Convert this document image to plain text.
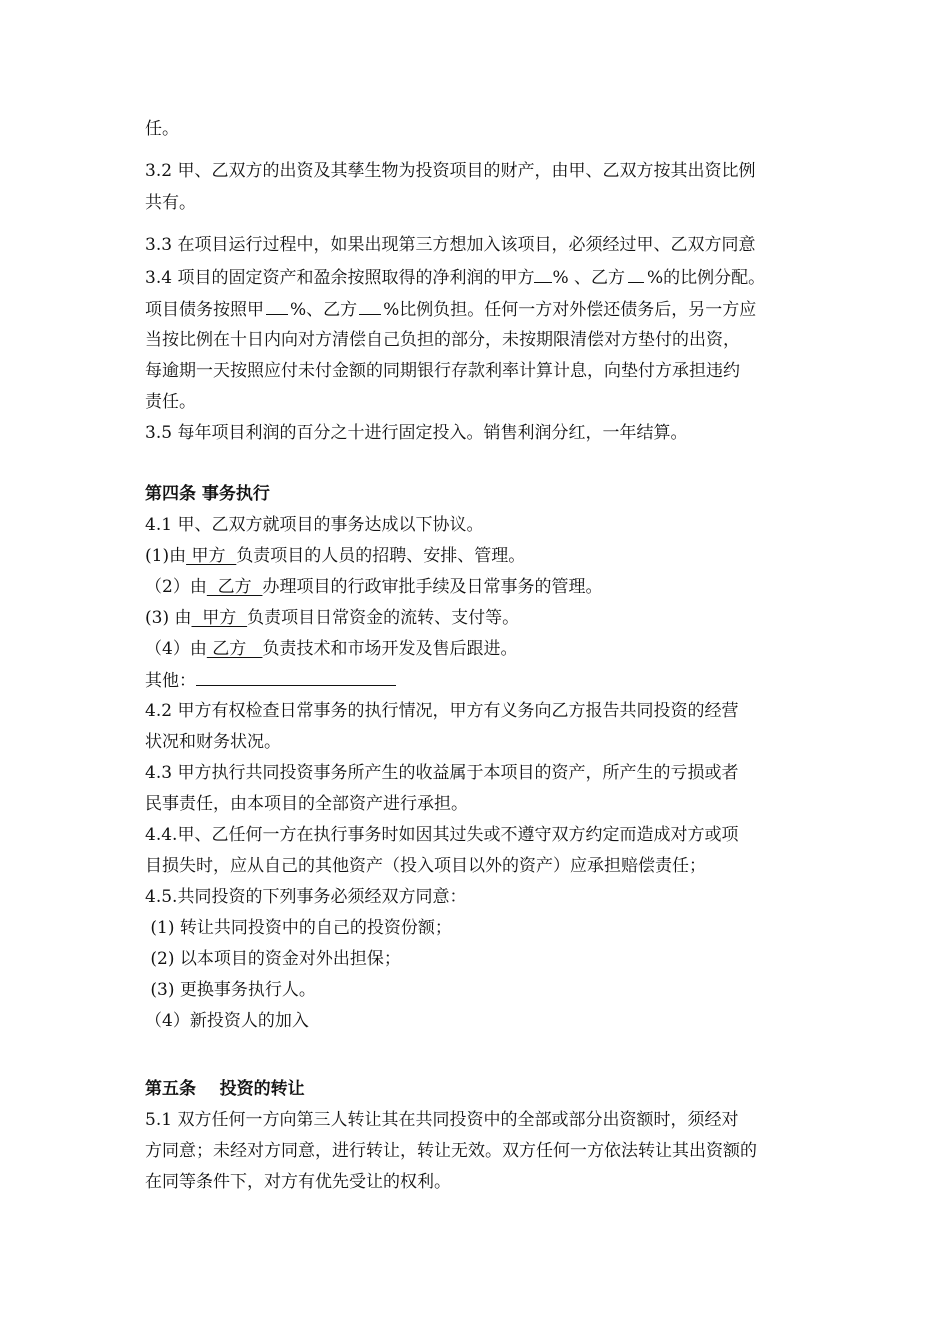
任。
3.2 甲、乙双方的出资及其孳生物为投资项目的财产，由甲、乙双方按其出资比例
共有。
3.3 在项目运行过程中，如果出现第三方想加入该项目，必须经过甲、乙双方同意
3.4 项目的固定资产和盈余按照取得的净利润的甲方 % 、乙方 %的比例分配。
项目债务按照甲 %、乙方 %比例负担。任何一方对外偿还债务后，另一方应
当按比例在十日内向对方清偿自己负担的部分，未按期限清偿对方垫付的出资，
每逾期一天按照应付未付金额的同期银行存款利率计算计息，向垫付方承担违约
责任。
3.5 每年项目利润的百分之十进行固定投入。销售利润分红，一年结算。
第四条 事务执行
4.1 甲、乙双方就项目的事务达成以下协议。
(1)由 甲方  负责项目的人员的招聘、安排、管理。
（2）由  乙方  办理项目的行政审批手续及日常事务的管理。
(3) 由  甲方  负责项目日常资金的流转、支付等。
（4）由 乙方   负责技术和市场开发及售后跟进。
其他：
4.2 甲方有权检查日常事务的执行情况，甲方有义务向乙方报告共同投资的经营
状况和财务状况。
4.3 甲方执行共同投资事务所产生的收益属于本项目的资产，所产生的亏损或者
民事责任，由本项目的全部资产进行承担。
4.4.甲、乙任何一方在执行事务时如因其过失或不遵守双方约定而造成对方或项
目损失时，应从自己的其他资产（投入项目以外的资产）应承担赔偿责任；
4.5.共同投资的下列事务必须经双方同意：
(1) 转让共同投资中的自己的投资份额；
(2) 以本项目的资金对外出担保；
(3) 更换事务执行人。
（4）新投资人的加入
第五条    投资的转让
5.1 双方任何一方向第三人转让其在共同投资中的全部或部分出资额时，须经对
方同意；未经对方同意，进行转让，转让无效。双方任何一方依法转让其出资额的
在同等条件下，对方有优先受让的权利。
